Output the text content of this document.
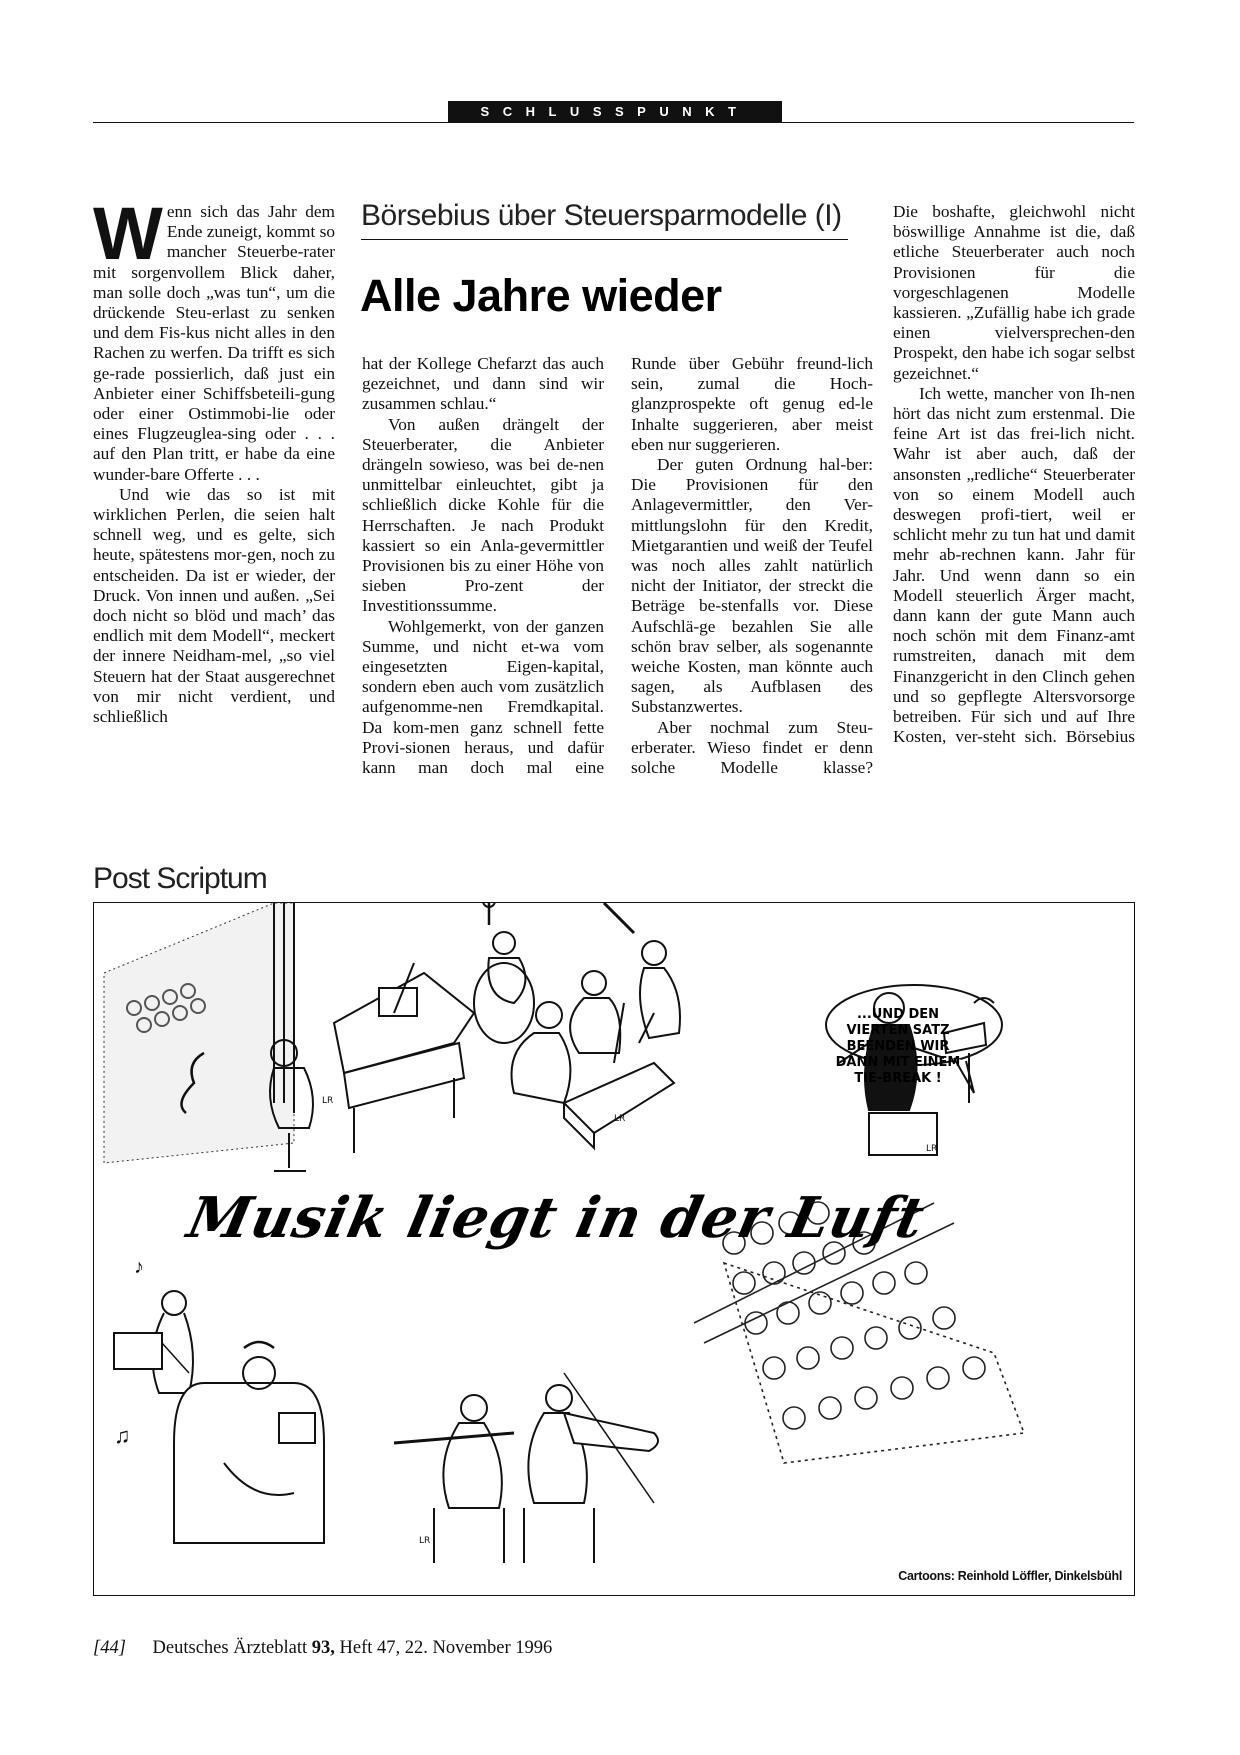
SCHLUSSPUNKT

Wenn sich das Jahr dem Ende zuneigt, kommt so mancher Steuerbe-rater mit sorgenvollem Blick daher, man solle doch „was tun“, um die drückende Steu-erlast zu senken und dem Fis-kus nicht alles in den Rachen zu werfen. Da trifft es sich ge-rade possierlich, daß just ein Anbieter einer Schiffsbeteili-gung oder einer Ostimmobi-lie oder eines Flugzeuglea-sing oder . . . auf den Plan tritt, er habe da eine wunder-bare Offerte . . .

Und wie das so ist mit wirklichen Perlen, die seien halt schnell weg, und es gelte, sich heute, spätestens mor-gen, noch zu entscheiden. Da ist er wieder, der Druck. Von innen und außen. „Sei doch nicht so blöd und mach’ das endlich mit dem Modell“, meckert der innere Neidham-mel, „so viel Steuern hat der Staat ausgerechnet von mir nicht verdient, und schließlich

Börsebius über Steuersparmodelle (I)
Alle Jahre wieder

hat der Kollege Chefarzt das auch gezeichnet, und dann sind wir zusammen schlau.“

Von außen drängelt der Steuerberater, die Anbieter drängeln sowieso, was bei de-nen unmittelbar einleuchtet, gibt ja schließlich dicke Kohle für die Herrschaften. Je nach Produkt kassiert so ein Anla-gevermittler Provisionen bis zu einer Höhe von sieben Pro-zent der Investitionssumme.

Wohlgemerkt, von der ganzen Summe, und nicht et-wa vom eingesetzten Eigen-kapital, sondern eben auch vom zusätzlich aufgenomme-nen Fremdkapital. Da kom-men ganz schnell fette Provi-sionen heraus, und dafür kann man doch mal eine

Runde über Gebühr freund-lich sein, zumal die Hoch-glanzprospekte oft genug ed-le Inhalte suggerieren, aber meist eben nur suggerieren.

Der guten Ordnung hal-ber: Die Provisionen für den Anlagevermittler, den Ver-mittlungslohn für den Kredit, Mietgarantien und weiß der Teufel was noch alles zahlt natürlich nicht der Initiator, der streckt die Beträge be-stenfalls vor. Diese Aufschlä-ge bezahlen Sie alle schön brav selber, als sogenannte weiche Kosten, man könnte auch sagen, als Aufblasen des Substanzwertes.

Aber nochmal zum Steu-erberater. Wieso findet er denn solche Modelle klasse?

Die boshafte, gleichwohl nicht böswillige Annahme ist die, daß etliche Steuerberater auch noch Provisionen für die vorgeschlagenen Modelle kassieren. „Zufällig habe ich grade einen vielversprechen-den Prospekt, den habe ich sogar selbst gezeichnet.“

Ich wette, mancher von Ih-nen hört das nicht zum erstenmal. Die feine Art ist das frei-lich nicht. Wahr ist aber auch, daß der ansonsten „redliche“ Steuerberater von so einem Modell auch deswegen profi-tiert, weil er schlicht mehr zu tun hat und damit mehr ab-rechnen kann. Jahr für Jahr. Und wenn dann so ein Modell steuerlich Ärger macht, dann kann der gute Mann auch noch schön mit dem Finanz-amt rumstreiten, danach mit dem Finanzgericht in den Clinch gehen und so gepflegte Altersvorsorge betreiben. Für sich und auf Ihre Kosten, ver-steht sich. Börsebius

Post Scriptum
LR
LR
LR
♪
♫
LR
Musik liegt in der Luft
...UND DEN
VIERTEN SATZ
BEENDEN WIR
DANN MIT EINEM
TIE-BREAK !
Cartoons: Reinhold Löffler, Dinkelsbühl
[44] Deutsches Ärzteblatt 93, Heft 47, 22. November 1996
